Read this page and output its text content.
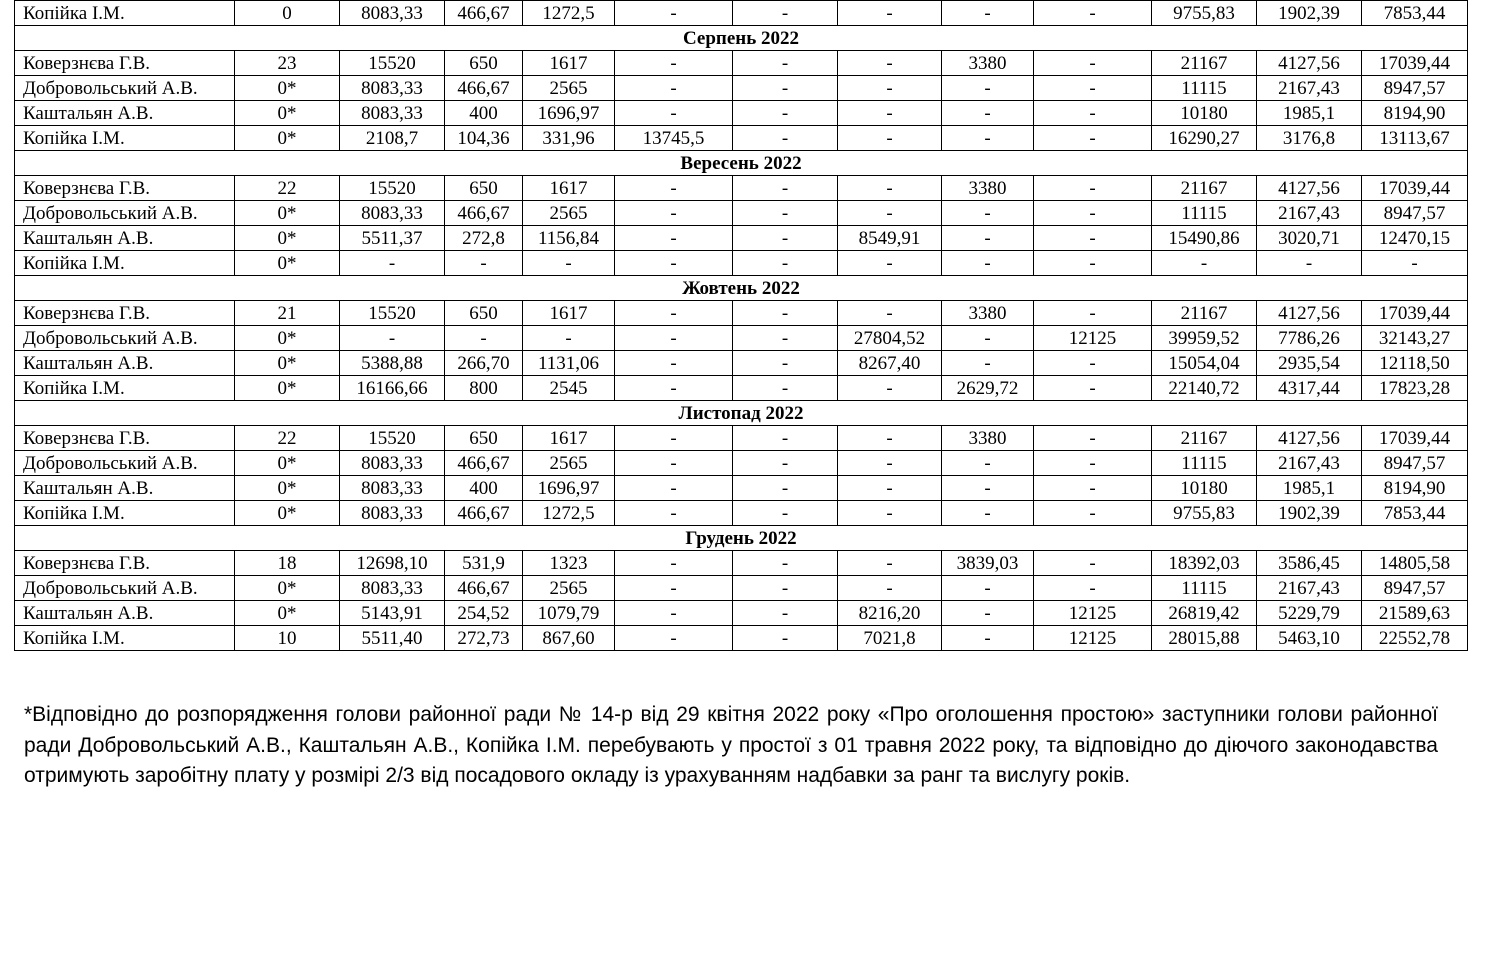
Копійка І.М.	0	8083,33	466,67	1272,5	-	-	-	-	-	9755,83	1902,39	7853,44
Серпень 2022												
Коверзнєва Г.В.	23	15520	650	1617	-	-	-	3380	-	21167	4127,56	17039,44
Добровольський А.В.	0*	8083,33	466,67	2565	-	-	-	-	-	11115	2167,43	8947,57
Каштальян А.В.	0*	8083,33	400	1696,97	-	-	-	-	-	10180	1985,1	8194,90
Копійка І.М.	0*	2108,7	104,36	331,96	13745,5	-	-	-	-	16290,27	3176,8	13113,67
Вересень 2022												
Коверзнєва Г.В.	22	15520	650	1617	-	-	-	3380	-	21167	4127,56	17039,44
Добровольський А.В.	0*	8083,33	466,67	2565	-	-	-	-	-	11115	2167,43	8947,57
Каштальян А.В.	0*	5511,37	272,8	1156,84	-	-	8549,91	-	-	15490,86	3020,71	12470,15
Копійка І.М.	0*	-	-	-	-	-	-	-	-	-	-	-
Жовтень 2022												
Коверзнєва Г.В.	21	15520	650	1617	-	-	-	3380	-	21167	4127,56	17039,44
Добровольський А.В.	0*	-	-	-	-	-	27804,52	-	12125	39959,52	7786,26	32143,27
Каштальян А.В.	0*	5388,88	266,70	1131,06	-	-	8267,40	-	-	15054,04	2935,54	12118,50
Копійка І.М.	0*	16166,66	800	2545	-	-	-	2629,72	-	22140,72	4317,44	17823,28
Листопад 2022												
Коверзнєва Г.В.	22	15520	650	1617	-	-	-	3380	-	21167	4127,56	17039,44
Добровольський А.В.	0*	8083,33	466,67	2565	-	-	-	-	-	11115	2167,43	8947,57
Каштальян А.В.	0*	8083,33	400	1696,97	-	-	-	-	-	10180	1985,1	8194,90
Копійка І.М.	0*	8083,33	466,67	1272,5	-	-	-	-	-	9755,83	1902,39	7853,44
Грудень 2022												
Коверзнєва Г.В.	18	12698,10	531,9	1323	-	-	-	3839,03	-	18392,03	3586,45	14805,58
Добровольський А.В.	0*	8083,33	466,67	2565	-	-	-	-	-	11115	2167,43	8947,57
Каштальян А.В.	0*	5143,91	254,52	1079,79	-	-	8216,20	-	12125	26819,42	5229,79	21589,63
Копійка І.М.	10	5511,40	272,73	867,60	-	-	7021,8	-	12125	28015,88	5463,10	22552,78

*Відповідно до розпорядження голови районної ради № 14-р від 29 квітня 2022 року «Про оголошення простою» заступники голови районної ради Добровольський А.В., Каштальян А.В., Копійка І.М. перебувають у простої з 01 травня 2022 року, та відповідно до діючого законодавства отримують заробітну плату у розмірі 2/3 від посадового окладу із урахуванням надбавки за ранг та вислугу років.
